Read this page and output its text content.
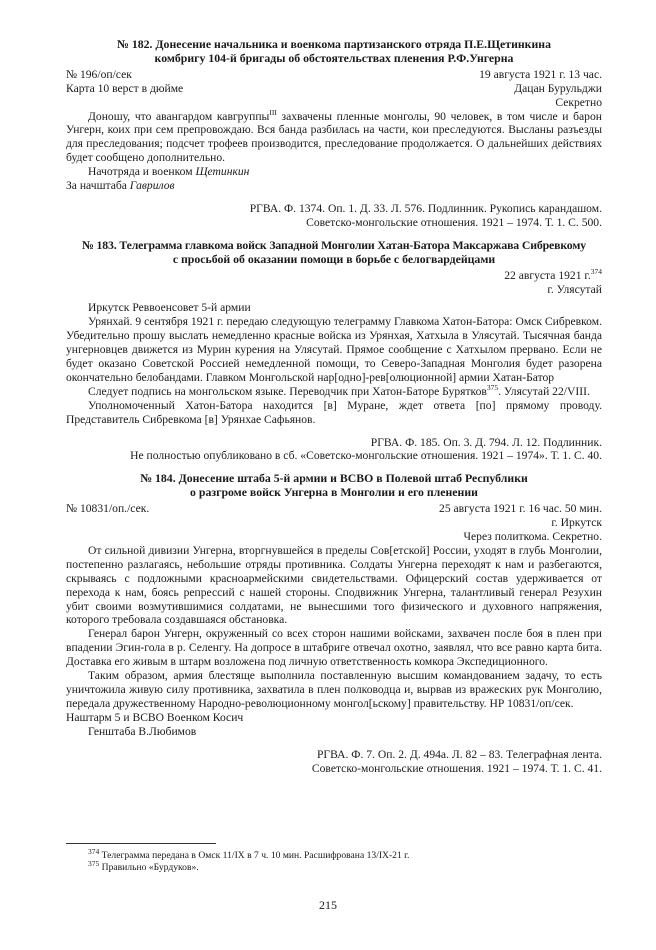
№ 182. Донесение начальника и военкома партизанского отряда П.Е.Щетинкина
комбригу 104-й бригады об обстоятельствах пленения Р.Ф.Унгерна
№ 196/оп/сек	19 августа 1921 г. 13 час.
Карта 10 верст в дюйме	Дацан Бурульджи
Секретно

Доношу, что авангардом кавгруппы$^{III}$ захвачены пленные монголы, 90 человек, в том числе и барон Унгерн, коих при сем препровождаю. Вся банда разбилась на части, кои преследуются. Высланы разъезды для преследования; подсчет трофеев производится, преследование продолжается. О дальнейших действиях будет сообщено дополнительно.

Начотряда и военком Щетинкин
За начштаба Гаврилов
РГВА. Ф. 1374. Оп. 1. Д. 33. Л. 576. Подлинник. Рукопись карандашом.
Советско-монгольские отношения. 1921 – 1974. Т. 1. С. 500.
№ 183. Телеграмма главкома войск Западной Монголии Хатан-Батора Максаржава Сибревкому
с просьбой об оказании помощи в борьбе с белогвардейцами
22 августа 1921 г.$^{374}$
г. Улясутай
Иркутск Реввоенсовет 5-й армии

Урянхай. 9 сентября 1921 г. передаю следующую телеграмму Главкома Хатон-Батора: Омск Сибревком. Убедительно прошу выслать немедленно красные войска из Урянхая, Хатхыла в Улясутай. Тысячная банда унгерновцев движется из Мурин курения на Улясутай. Прямое сообщение с Хатхылом прервано. Если не будет оказано Советской Россией немедленной помощи, то Северо-Западная Монголия будет разорена окончательно белобандами. Главком Монгольской нар[одно]-рев[олюционной] армии Хатан-Батор

Следует подпись на монгольском языке. Переводчик при Хатон-Баторе Бурятков$^{375}$. Улясутай 22/VIII.

Уполномоченный Хатон-Батора находится [в] Муране, ждет ответа [по] прямому проводу. Представитель Сибревкома [в] Урянхае Сафьянов.

РГВА. Ф. 185. Оп. 3. Д. 794. Л. 12. Подлинник.
Не полностью опубликовано в сб. «Советско-монгольские отношения. 1921 – 1974». Т. 1. С. 40.
№ 184. Донесение штаба 5-й армии и ВСВО в Полевой штаб Республики
о разгроме войск Унгерна в Монголии и его пленении
№ 10831/оп./сек.	25 августа 1921 г. 16 час. 50 мин.
г. Иркутск
Через политкома. Секретно.

От сильной дивизии Унгерна, вторгнувшейся в пределы Сов[етской] России, уходят в глубь Монголии, постепенно разлагаясь, небольшие отряды противника. Солдаты Унгерна переходят к нам и разбегаются, скрываясь с подложными красноармейскими свидетельствами. Офицерский состав удерживается от перехода к нам, боясь репрессий с нашей стороны. Сподвижник Унгерна, талантливый генерал Резухин убит своими возмутившимися солдатами, не вынесшими того физического и духовного напряжения, которого требовала создавшаяся обстановка.

Генерал барон Унгерн, окруженный со всех сторон нашими войсками, захвачен после боя в плен при впадении Эгин-гола в р. Селенгу. На допросе в штабриге отвечал охотно, заявлял, что все равно карта бита. Доставка его живым в штарм возложена под личную ответственность комкора Экспедиционного.

Таким образом, армия блестяще выполнила поставленную высшим командованием задачу, то есть уничтожила живую силу противника, захватила в плен полководца и, вырвав из вражеских рук Монголию, передала дружественному Народно-революционному монгол[ьскому] правительству. НР 10831/оп/сек.

Наштарм 5 и ВСВО Военком Косич
Генштаба В.Любимов
РГВА. Ф. 7. Оп. 2. Д. 494а. Л. 82 – 83. Телеграфная лента.
Советско-монгольские отношения. 1921 – 1974. Т. 1. С. 41.
$^{374}$ Телеграмма передана в Омск 11/IX в 7 ч. 10 мин. Расшифрована 13/IX-21 г.
$^{375}$ Правильно «Бурдуков».
215
